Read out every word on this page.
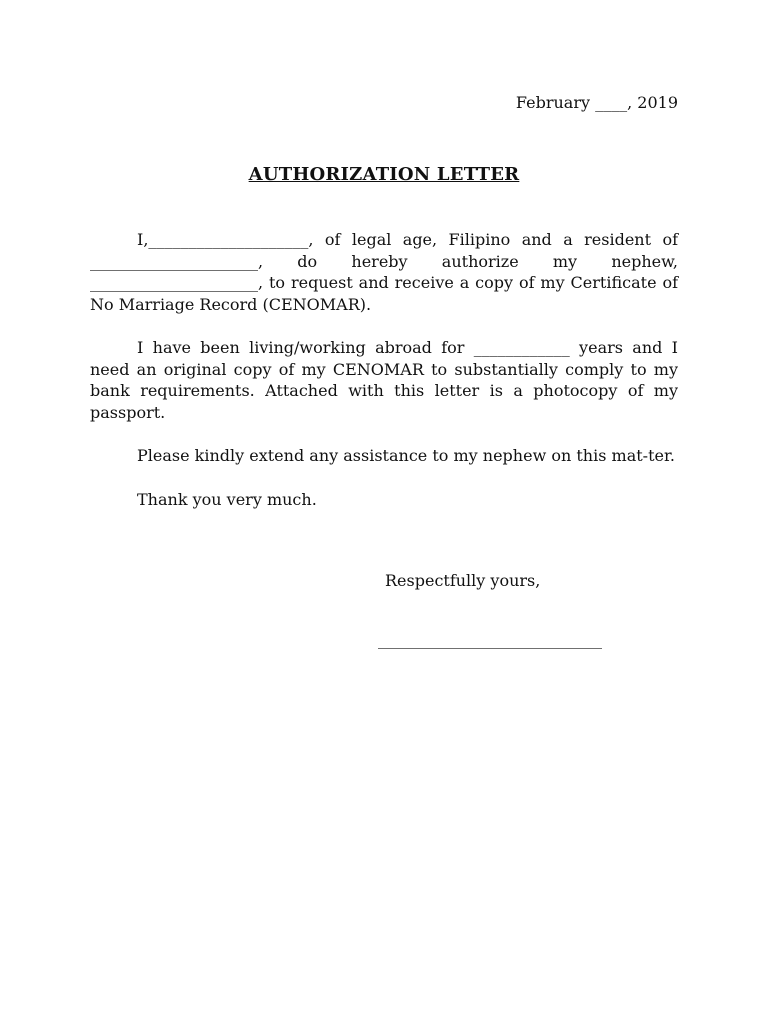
February ____, 2019
AUTHORIZATION LETTER

I,____________________, of legal age, Filipino and a resident of _____________________, do hereby authorize my nephew, _____________________, to request and receive a copy of my Certificate of No Marriage Record (CENOMAR).

I have been living/working abroad for ____________ years and I need an original copy of my CENOMAR to substantially comply to my bank requirements. Attached with this letter is a photocopy of my passport.

Please kindly extend any assistance to my nephew on this mat-ter.

Thank you very much.

Respectfully yours,
____________________________
